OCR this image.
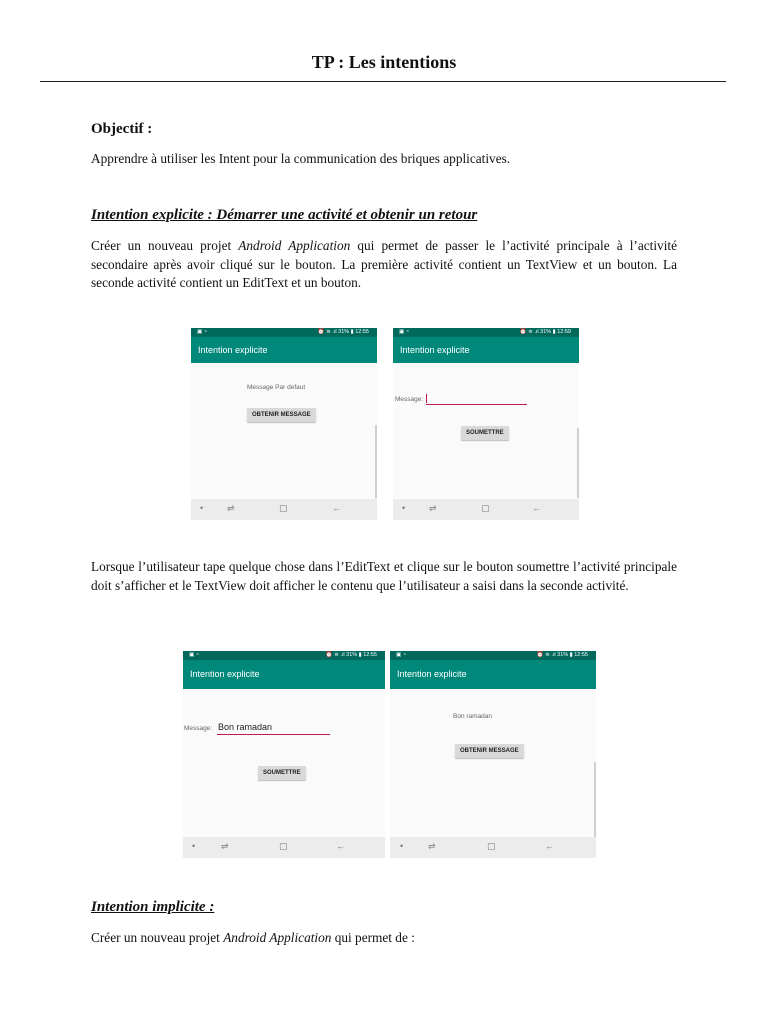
TP : Les intentions
Objectif :
Apprendre à utiliser les Intent pour la communication des briques applicatives.
Intention explicite : Démarrer une activité et obtenir un retour
Créer un nouveau projet Android Application qui permet de passer le l’activité principale à l’activité secondaire après avoir cliqué sur le bouton. La première activité contient un TextView et un bouton. La seconde activité contient un EditText et un bouton.
▣ ◔	⏰ ≋ .ıl 31% ▮ 12:55
Intention explicite
Message Par defaut
OBTENIR MESSAGE
•	⇌	▢	←
▣ ◔	⏰ ≋ .ıl 31% ▮ 12:59
Intention explicite
Message:
SOUMETTRE
•	⇌	▢	←
Lorsque l’utilisateur tape quelque chose dans l’EditText et clique sur le bouton soumettre l’activité principale doit s’afficher et le TextView doit afficher le contenu que l’utilisateur a saisi dans la seconde activité.
▣ ◔	⏰ ≋ .ıl 31% ▮ 12:55
Intention explicite
Message: Bon ramadan
SOUMETTRE
•	⇌	▢	←
▣ ◔	⏰ ≋ .ıl 31% ▮ 12:55
Intention explicite
Bon ramadan
OBTENIR MESSAGE
•	⇌	▢	←
Intention implicite :
Créer un nouveau projet Android Application qui permet de :
